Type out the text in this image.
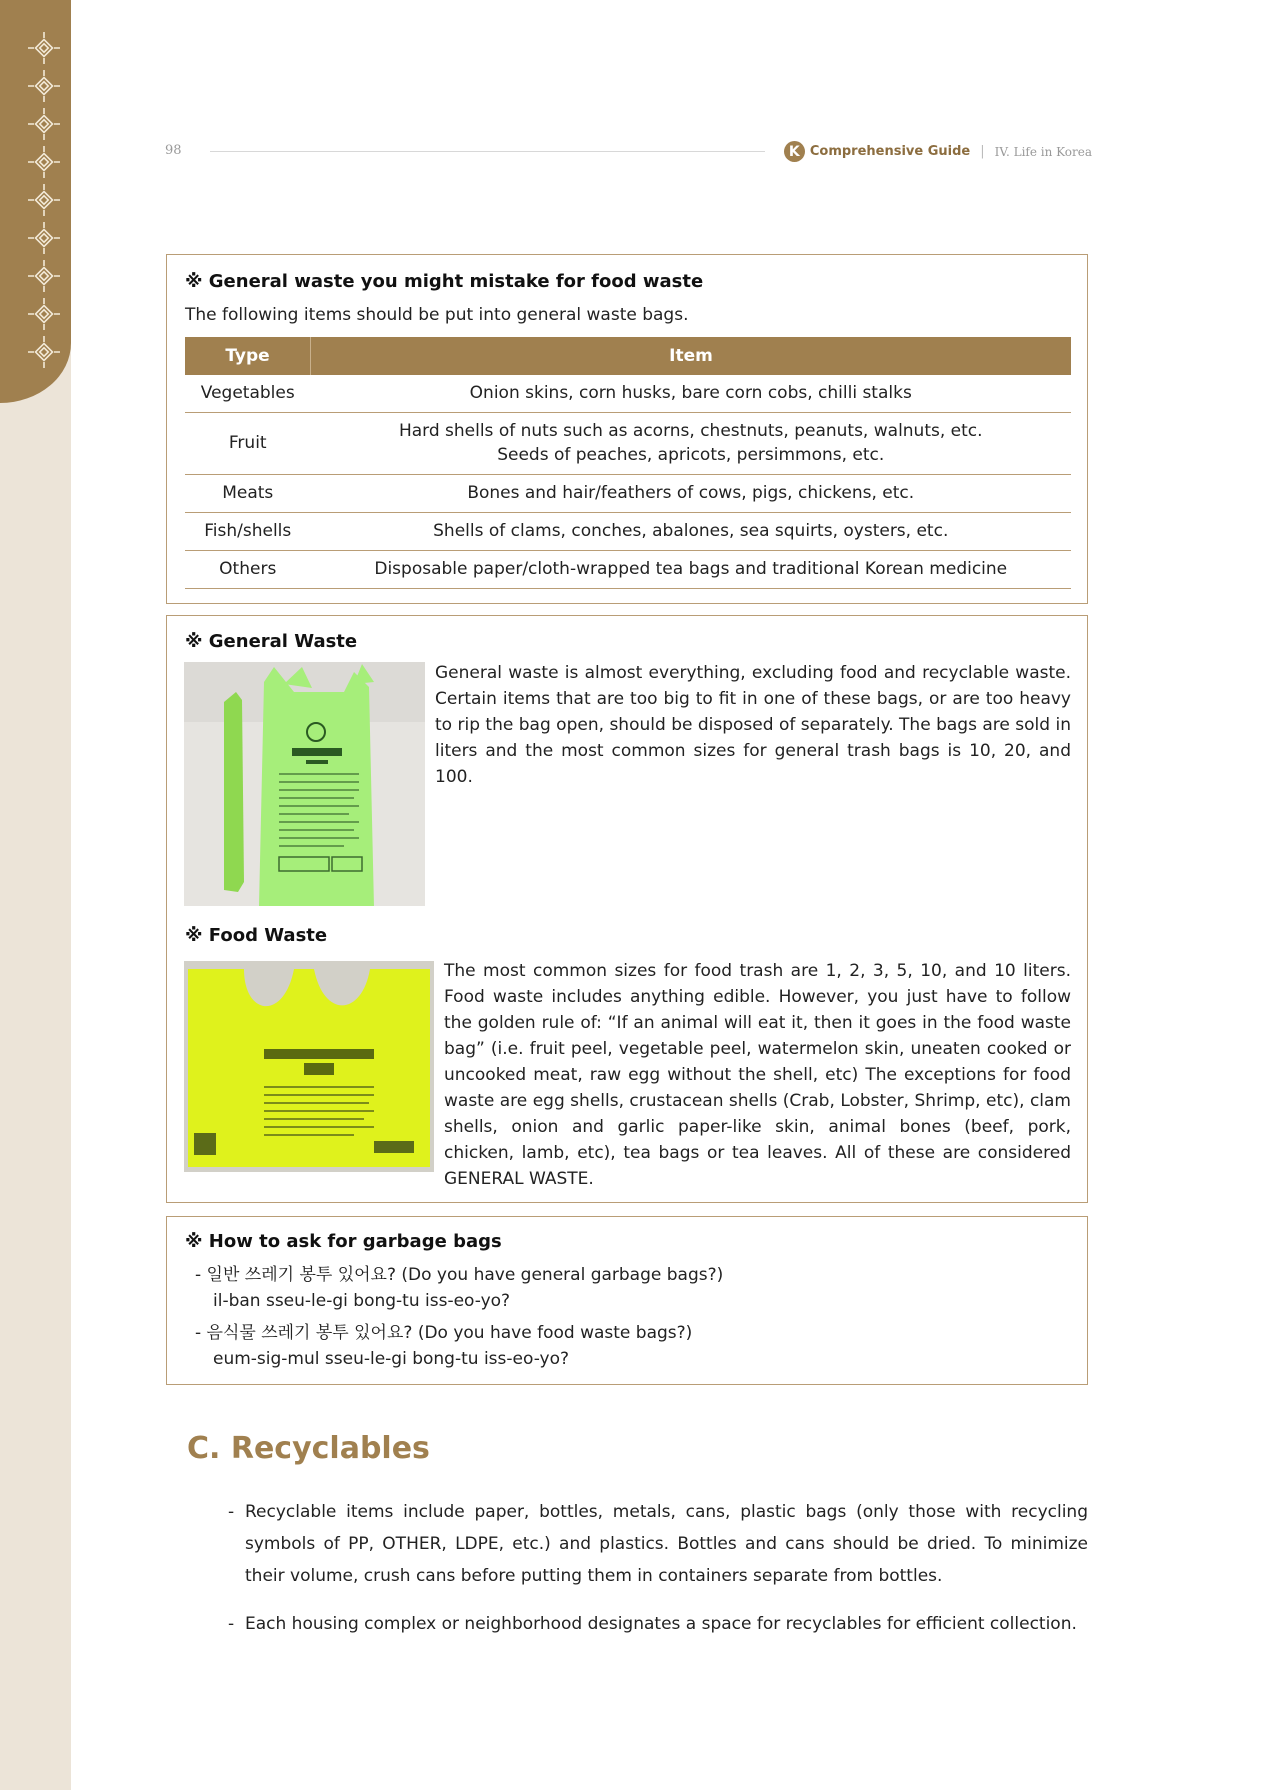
98	K Comprehensive Guide | IV. Life in Korea
※ General waste you might mistake for food waste
The following items should be put into general waste bags.
Type	Item
Vegetables	Onion skins, corn husks, bare corn cobs, chilli stalks
Fruit	Hard shells of nuts such as acorns, chestnuts, peanuts, walnuts, etc.
Seeds of peaches, apricots, persimmons, etc.

Meats	Bones and hair/feathers of cows, pigs, chickens, etc.
Fish/shells	Shells of clams, conches, abalones, sea squirts, oysters, etc.
Others	Disposable paper/cloth-wrapped tea bags and traditional Korean medicine
※ General Waste
General waste is almost everything, excluding food and recyclable waste. Certain items that are too big to fit in one of these bags, or are too heavy to rip the bag open, should be disposed of separately. The bags are sold in liters and the most common sizes for general trash bags is 10, 20, and 100.
※ Food Waste
The most common sizes for food trash are 1, 2, 3, 5, 10, and 10 liters. Food waste includes anything edible. However, you just have to follow the golden rule of: “If an animal will eat it, then it goes in the food waste bag” (i.e. fruit peel, vegetable peel, watermelon skin, uneaten cooked or uncooked meat, raw egg without the shell, etc) The exceptions for food waste are egg shells, crustacean shells (Crab, Lobster, Shrimp, etc), clam shells, onion and garlic paper-like skin, animal bones (beef, pork, chicken, lamb, etc), tea bags or tea leaves. All of these are considered GENERAL WASTE.
※ How to ask for garbage bags
- 일반 쓰레기 봉투 있어요? (Do you have general garbage bags?)
il-ban sseu-le-gi bong-tu iss-eo-yo?
- 음식물 쓰레기 봉투 있어요? (Do you have food waste bags?)
eum-sig-mul sseu-le-gi bong-tu iss-eo-yo?
C. Recyclables
- Recyclable items include paper, bottles, metals, cans, plastic bags (only those with recycling symbols of PP, OTHER, LDPE, etc.) and plastics. Bottles and cans should be dried. To minimize their volume, crush cans before putting them in containers separate from bottles.
- Each housing complex or neighborhood designates a space for recyclables for efficient collection.
